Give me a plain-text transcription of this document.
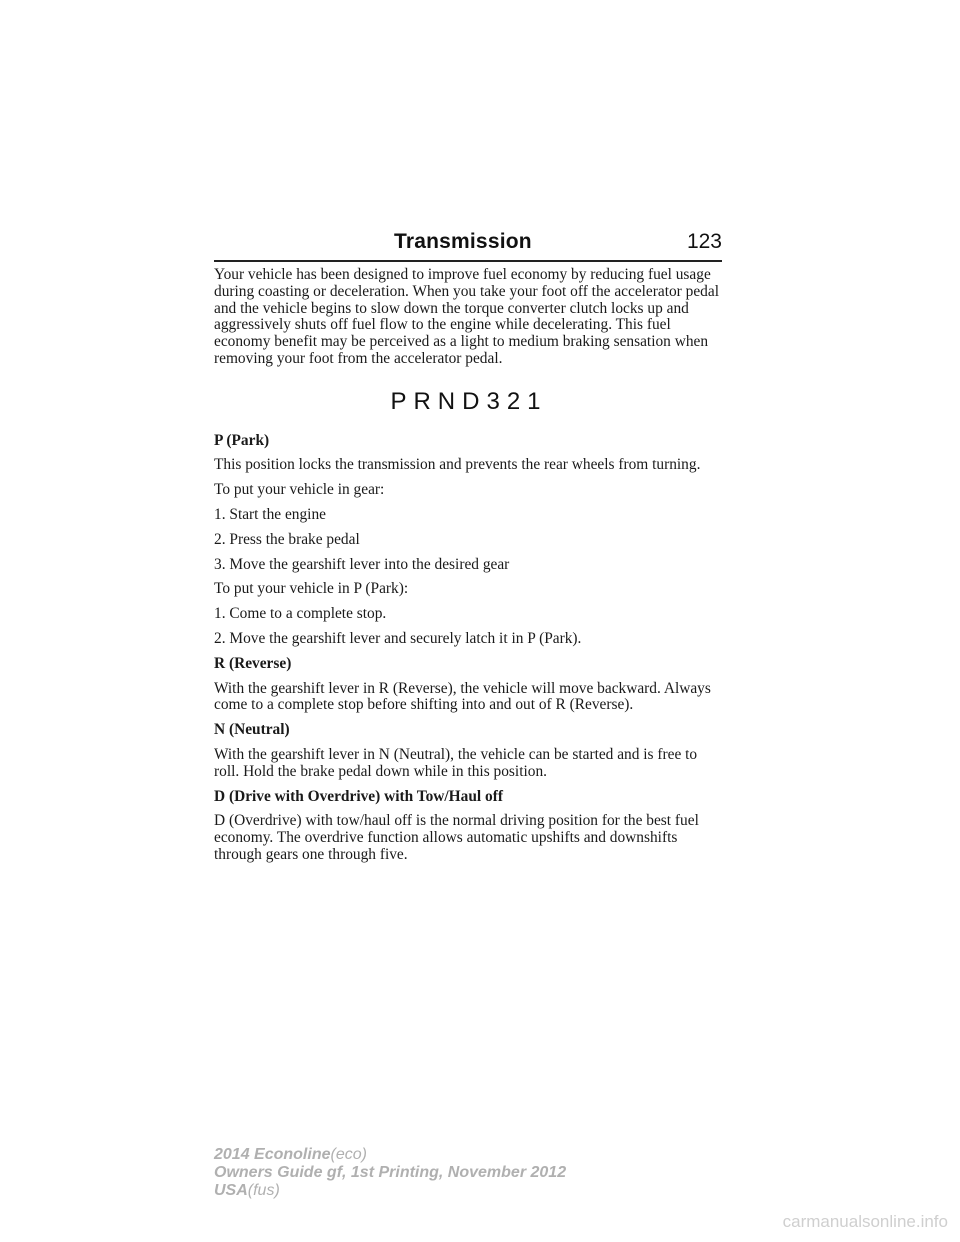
Transmission	123

Your vehicle has been designed to improve fuel economy by reducing fuel usage during coasting or deceleration. When you take your foot off the accelerator pedal and the vehicle begins to slow down the torque converter clutch locks up and aggressively shuts off fuel flow to the engine while decelerating. This fuel economy benefit may be perceived as a light to medium braking sensation when removing your foot from the accelerator pedal.

PRND321
P (Park)

This position locks the transmission and prevents the rear wheels from turning.

To put your vehicle in gear:

1. Start the engine

2. Press the brake pedal

3. Move the gearshift lever into the desired gear

To put your vehicle in P (Park):

1. Come to a complete stop.

2. Move the gearshift lever and securely latch it in P (Park).

R (Reverse)

With the gearshift lever in R (Reverse), the vehicle will move backward. Always come to a complete stop before shifting into and out of R (Reverse).

N (Neutral)

With the gearshift lever in N (Neutral), the vehicle can be started and is free to roll. Hold the brake pedal down while in this position.

D (Drive with Overdrive) with Tow/Haul off

D (Overdrive) with tow/haul off is the normal driving position for the best fuel economy. The overdrive function allows automatic upshifts and downshifts through gears one through five.

2014 Econoline(eco)
Owners Guide gf, 1st Printing, November 2012
USA(fus)
carmanualsonline.info
